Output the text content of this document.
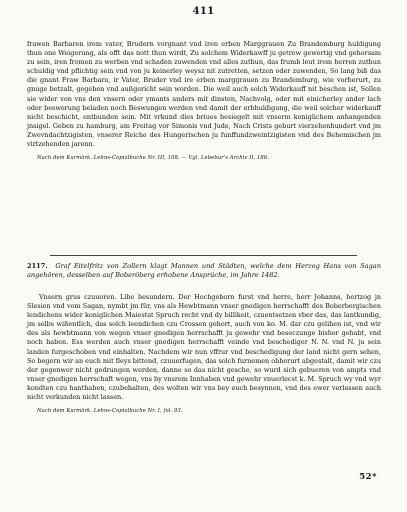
411

frawen Barbaren irem vater, Brudern vorgnant vnd iren erben Marggrauen Zu Brandemburg huldigung thun one Weigerung, als offt das nott thun wirdt, Zu solchem Widerkawff ju getrew gewertig vnd gehorsam zu sein, iren fromen zu werben vnd schaden zuwenden vnd alles zuthun, das frumb leut irem herren zuthun schuldig vnd pflichtig sein vnd von ju keinerley weysz nit zutretten, setzen oder zuwenden, So lang biß das die gnant Fraw Barbara, ir Vater, Bruder vnd ire erben marggrauen zu Brandemburg, wie vorberurt, zu gnuge betzalt, gegeben vnd außgericht sein worden. Die weil auch solch Widerkauff nit beschen ist, Sollen sie wider von vns den vnsern oder ymants anders mit dinsten, Nachvolg, oder mit einicherley ander lach oder beswerung beladen noch Beswungen werden vnd damit der erbhuldigung, die weil solcher widerkauff nicht beschicht, entbunden sein. Mit vrkund dies briues besiegelt mit vnserm koniglichem anhangenden jnsigel. Geben zu hamburg, am Freitag vor Simonis vnd Jude, Nach Crists geburt vierzehenhundert vnd jm Zwevndachtzigisten, vnserer Reiche des Hungerischen ju funffundzweintzigisten vnd des Behemischen jm virtzehenden jarenn.

Nach dem Kurmärk. Lehns-Copialbuche Nr. III, 108. — Vgl. Lebebur's Archiv II, 186.

2117. Graf Eitelfritz von Zollern klagt Mannen und Städten, welche dem Herzog Hans von Sagan angehören, desselben auf Boberöberg erhobene Ansprüche, im Jahre 1482.

Vnsern grus czuuoren. Libe besundern. Der Hochgeborn furst vnd herre, herr Johanns, hertzog jn Slesien vnd vom Sagan, nymbt jm für, vns als Hewbtmann vnser gnedigen herrschafft des Boberbergischen lendichens wider koniglichen Maiestat Spruch recht vnd dy billikeit, czuentsetzen vber das, das lantkundig, jm selbs wißentlich, das solch leendichen czu Crossen gehort, auch von ko. M. dar czu gelihen ist, vnd wir des als hewbtmann von wegen vnser gnedigen herrschafft ju gewehr vnd beseczunge bisher gehabt, vnd noch haben. Ess werden auch vnser gnedigen herrschafft veinde vnd beschediger N. N. vnd N. ju sein landen furgeschoben vnd einhalten. Nachdem wir nun vffrur vnd beschedigung der land nicht gern sehen, So begern wir an euch mit fleys bittend, czuuerfugen, das solch furnemen obberurt abgestalt, damit wir czu der gegenwer nicht gedrungen werden, danne so das nicht gesche, so wurd sich gebueren von ampts vnd vnser gnedigen herrschaft wegen, vns by vnsrem Innhaben vnd gewehr vnuerlecst k. M. Spruch wy vnd wyr kondten czu hanthaben, czubehalten, des wolten wir vns bey euch besynnen, vnd des ewer verlassen auch nicht verkunden nicht lassen.

Nach dem Kurmärk. Lehns-Copialbuche Nr. I, fol. 93.

52*
